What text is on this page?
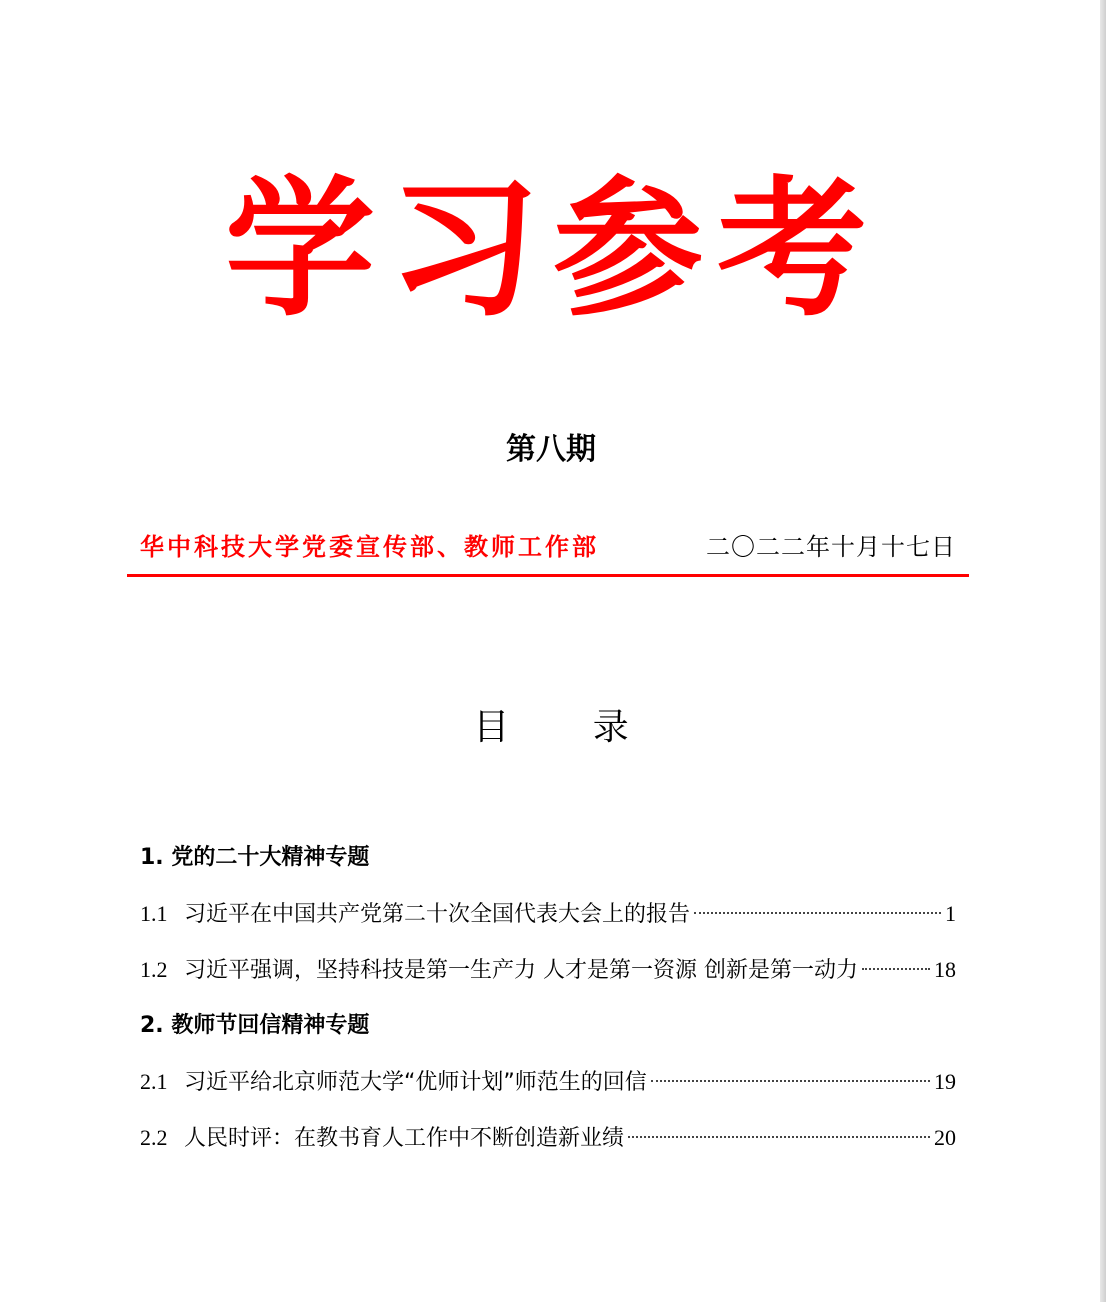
学习参考
第八期
华中科技大学党委宣传部、教师工作部	二〇二二年十月十七日
目 录
1. 党的二十大精神专题
1.1 习近平在中国共产党第二十次全国代表大会上的报告	1
1.2 习近平强调，坚持科技是第一生产力 人才是第一资源 创新是第一动力	18
2. 教师节回信精神专题
2.1 习近平给北京师范大学“优师计划”师范生的回信	19
2.2 人民时评：在教书育人工作中不断创造新业绩	20
